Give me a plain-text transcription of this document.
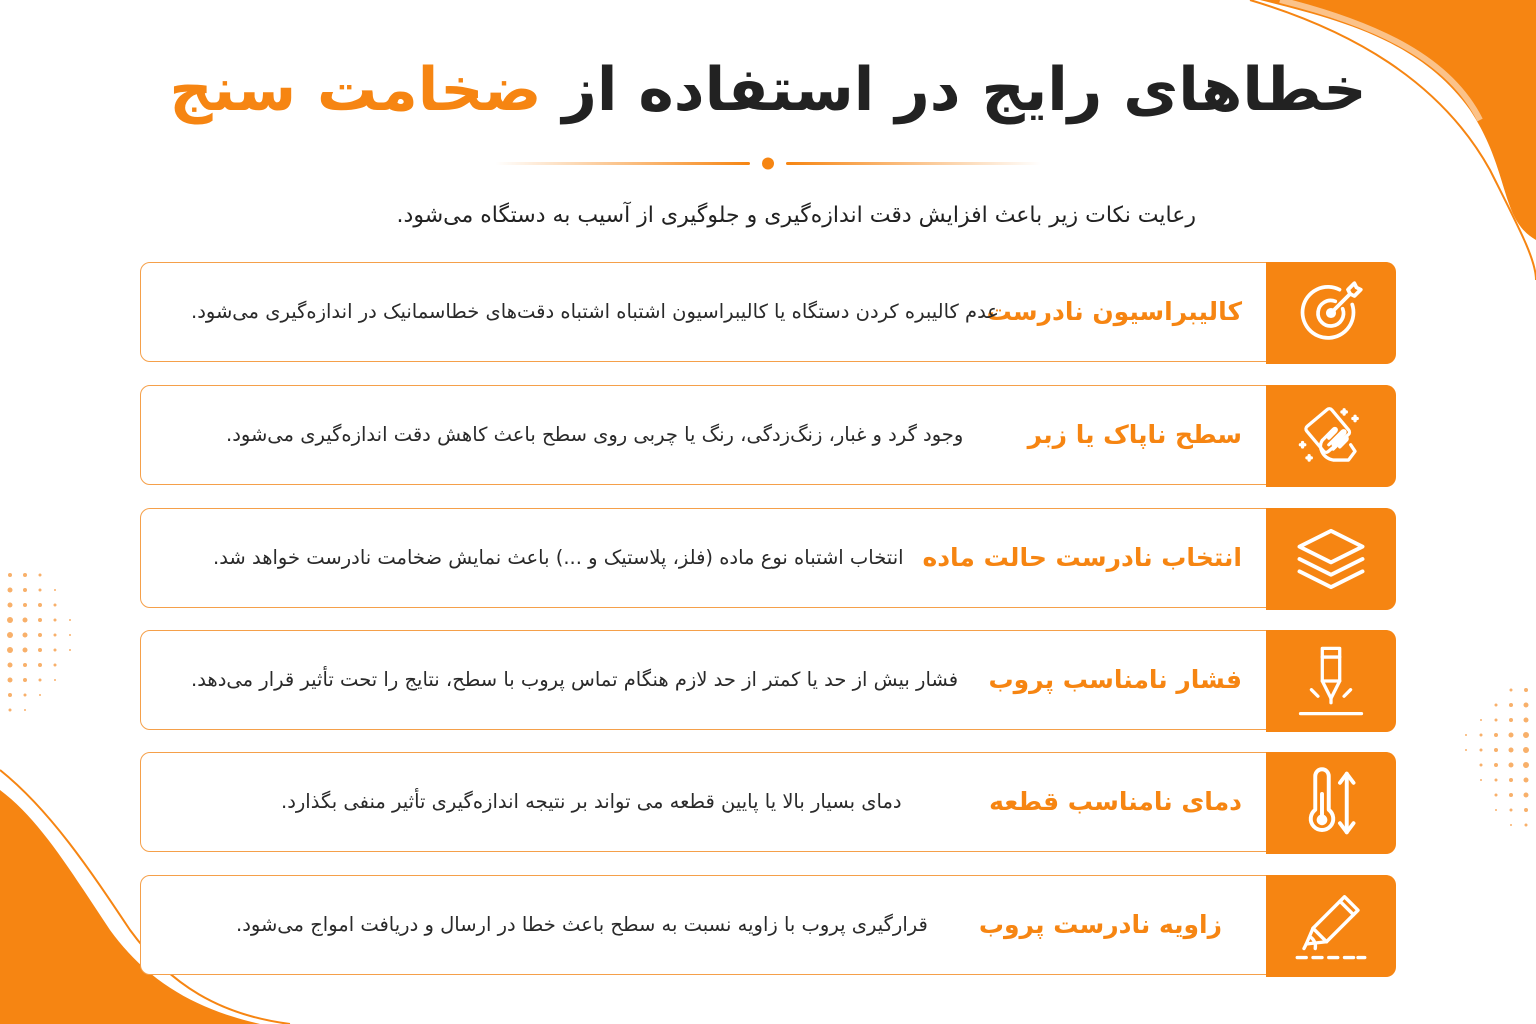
خطاهای رایج در استفاده از ضخامت سنج
رعایت نکات زیر باعث افزایش دقت اندازه‌گیری و جلوگیری از آسیب به دستگاه می‌شود.
کالیبراسیون نادرست
عدم کالیبره کردن دستگاه یا کالیبراسیون اشتباه اشتباه دقت‌های خطاسمانیک در اندازه‌گیری می‌شود.
سطح ناپاک یا زبر
وجود گرد و غبار، زنگ‌زدگی، رنگ یا چربی روی سطح باعث کاهش دقت اندازه‌گیری می‌شود.
انتخاب نادرست حالت ماده
انتخاب اشتباه نوع ماده (فلز، پلاستیک و ...) باعث نمایش ضخامت نادرست خواهد شد.
فشار نامناسب پروب
فشار بیش از حد یا کمتر از حد لازم هنگام تماس پروب با سطح، نتایج را تحت تأثیر قرار می‌دهد.
دمای نامناسب قطعه
دمای بسیار بالا یا پایین قطعه می تواند بر نتیجه اندازه‌گیری تأثیر منفی بگذارد.
زاویه نادرست پروب
قرارگیری پروب با زاویه نسبت به سطح باعث خطا در ارسال و دریافت امواج می‌شود.
